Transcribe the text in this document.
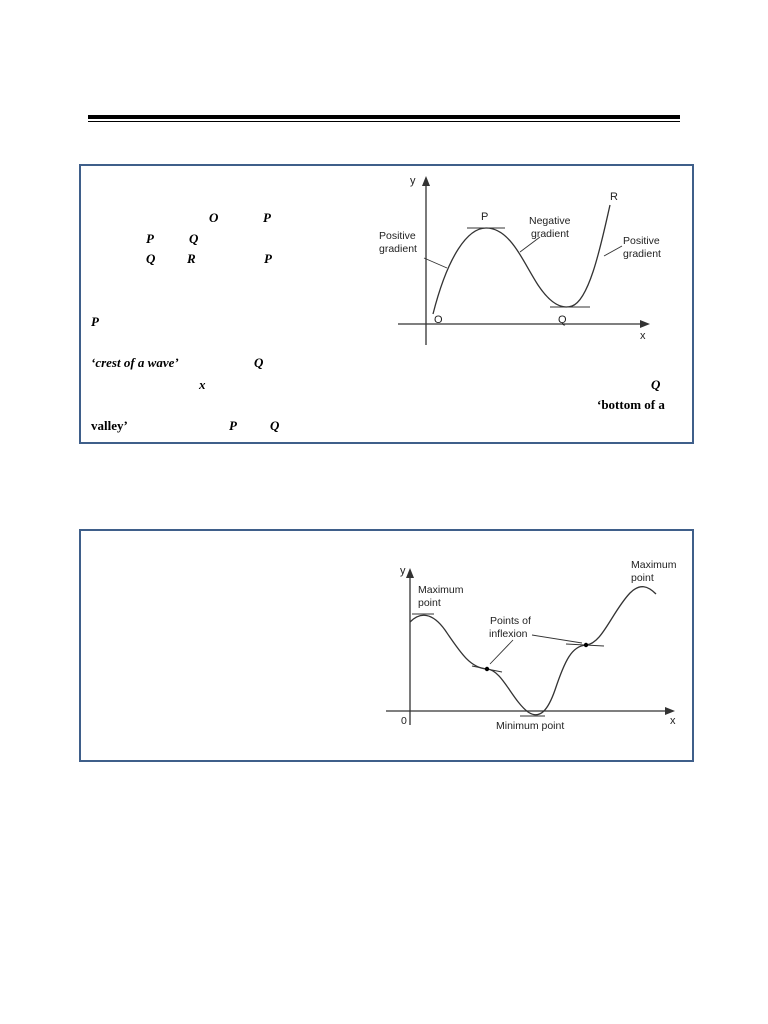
O	P
P	Q
Q R	P
P
‘crest of a wave’	Q
x	Q
‘bottom of a
valley’	P	Q
y
x
O
P
Q
R
Positive
gradient
Negative
gradient
Positive
gradient
y
x
0
Maximum
point
Maximum
point
Points of
inflexion
Minimum point
